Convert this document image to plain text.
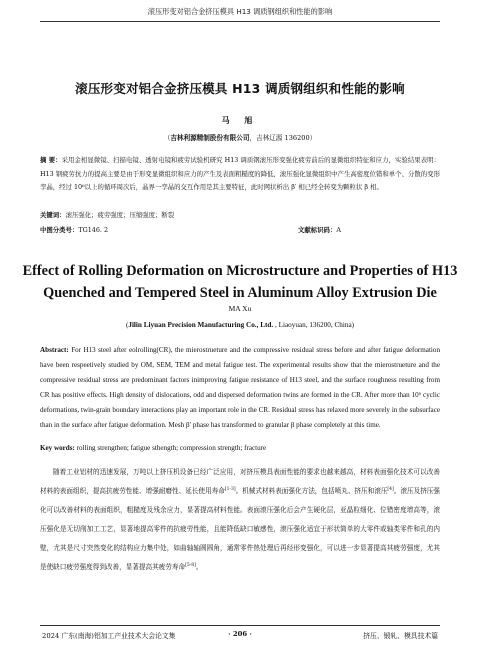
滚压形变对铝合金挤压模具 H13 调质钢组织和性能的影响
滚压形变对铝合金挤压模具 H13 调质钢组织和性能的影响
马 旭
（吉林利源精制股份有限公司，吉林辽源 136200）
摘 要：采用金相显微镜、扫描电镜、透射电镜和疲劳试验机研究 H13 调质钢滚压形变强化疲劳前后的显微组织特征和应力，实验结果表明：H13 钢疲劳抗力的提高主要是由于形变显微组织和应力的产生及表面粗糙度的降低，滚压强化显微组织中产生高密度位错和单个、分散的变形孪晶，经过 10⁶以上的循环周次后，晶界一孪晶的交互作用是其主要特征，此时网状析出 β′ 相已经全转变为颗粒状 β 相。
关键词：滚压强化；疲劳强度；压缩强度；断裂
中图分类号：TG146. 2	文献标识码：A
Effect of Rolling Deformation on Microstructure and Properties of H13
Quenched and Tempered Steel in Aluminum Alloy Extrusion Die
MA Xu
(Jilin Liyuan Precision Manufacturing Co., Ltd. , Liaoyuan, 136200, China)
Abstract: For H13 steel after eolrolling(CR), the mierostrueture and the compressive residual stress before and after fatigue deformation have been respeetively studied by OM, SEM, TEM and metal fatigue test. The experimental results show that the mierostrueture and the compressive residual stress are predominant factors inimproving fatigue resistance of H13 steel, and the surface roughness resulting from CR has positive effects. High density of dislocations, odd and dispersed deformation twins are formed in the CR. After more than 10⁶ cyclic deformations, twin-grain boundary interactions play an important role in the CR. Residual stress has relaxed more severely in the subsurface than in the surface after fatigue deformation. Mesh β′ phase has transformed to granular β phase completely at this time.
Key words: rolling strengthen; fatigue sthength; compression strength; fracture
随着工业铝材的迅速发展，万吨以上挤压机设备已经广泛应用，对挤压模具表面性能的要求也越来越高，材料表面强化技术可以改善材料的表面组织，提高抗疲劳性能、增强耐磨性、延长使用寿命[1-3]。机械式材料表面强化方法，包括喷丸、挤压和滚压[4]。滚压及挤压强化可以改善材料的表面组织，粗糙度及残余应力，显著提高材料性能。表面滚压强化后会产生硬化层，亚晶粒细化、位错密度增高等，滚压强化是无切削加工工艺，显著地提高零件的抗疲劳性能，且能降低缺口敏感性，滚压强化适宜于形状简单的大零件或轴类零件和孔的内壁，尤其是尺寸突然变化的结构应力集中处，如曲轴轴圆圆角，通常零件热处理后再经形变强化，可以进一步显著提高其疲劳强度，尤其是使缺口疲劳强度得到改善，显著提高其疲劳寿命[5-8]。
2024 广东(南海)铝加工产业技术大会论文集	· 206 ·	挤压、锻轧、模具技术篇
